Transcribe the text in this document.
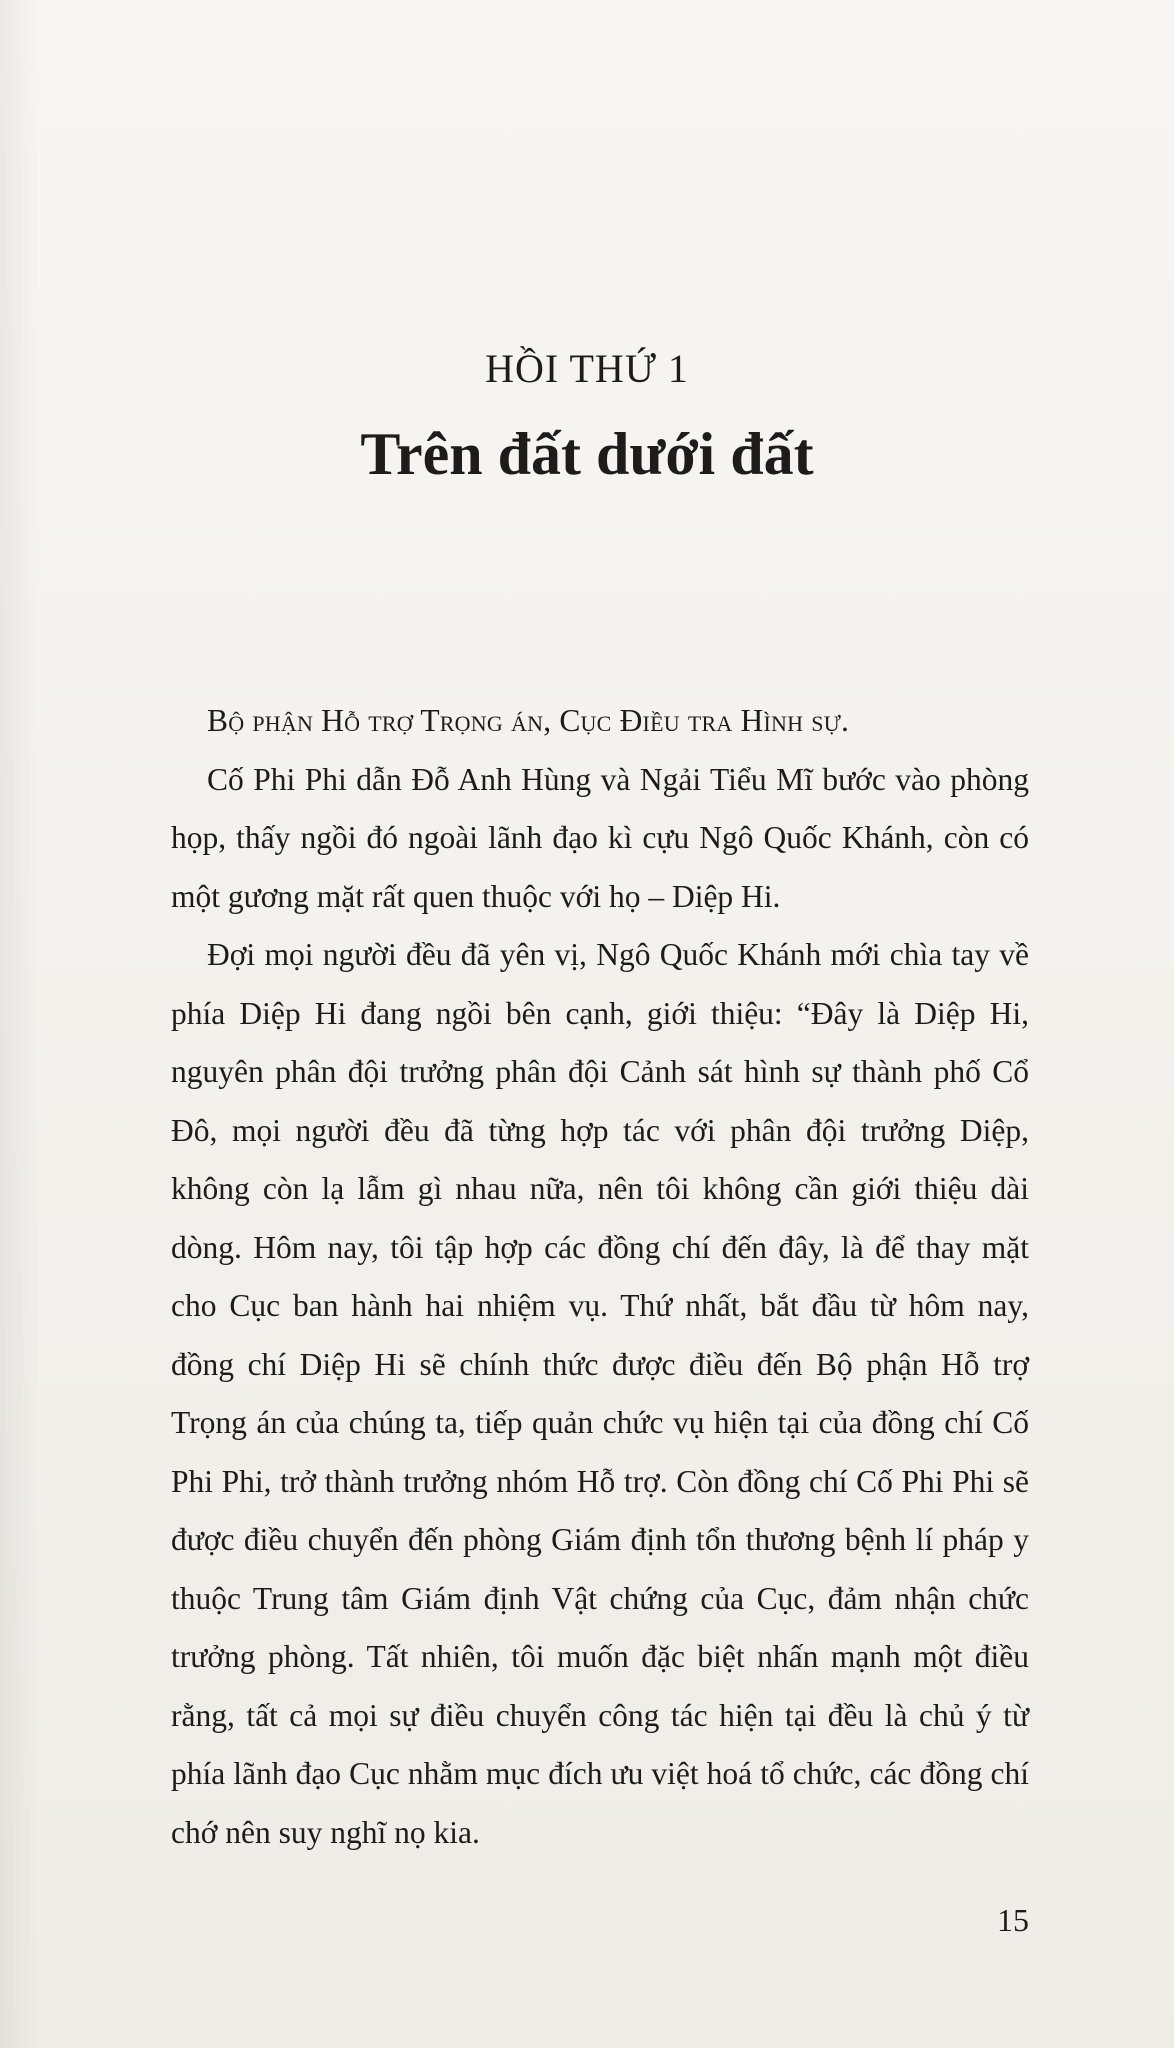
HỒI THỨ 1
Trên đất dưới đất

Bộ phận Hỗ trợ Trọng án, Cục Điều tra Hình sự.

Cố Phi Phi dẫn Đỗ Anh Hùng và Ngải Tiểu Mĩ bước vào phòng họp, thấy ngồi đó ngoài lãnh đạo kì cựu Ngô Quốc Khánh, còn có một gương mặt rất quen thuộc với họ – Diệp Hi.

Đợi mọi người đều đã yên vị, Ngô Quốc Khánh mới chìa tay về phía Diệp Hi đang ngồi bên cạnh, giới thiệu: “Đây là Diệp Hi, nguyên phân đội trưởng phân đội Cảnh sát hình sự thành phố Cổ Đô, mọi người đều đã từng hợp tác với phân đội trưởng Diệp, không còn lạ lẫm gì nhau nữa, nên tôi không cần giới thiệu dài dòng. Hôm nay, tôi tập hợp các đồng chí đến đây, là để thay mặt cho Cục ban hành hai nhiệm vụ. Thứ nhất, bắt đầu từ hôm nay, đồng chí Diệp Hi sẽ chính thức được điều đến Bộ phận Hỗ trợ Trọng án của chúng ta, tiếp quản chức vụ hiện tại của đồng chí Cố Phi Phi, trở thành trưởng nhóm Hỗ trợ. Còn đồng chí Cố Phi Phi sẽ được điều chuyển đến phòng Giám định tổn thương bệnh lí pháp y thuộc Trung tâm Giám định Vật chứng của Cục, đảm nhận chức trưởng phòng. Tất nhiên, tôi muốn đặc biệt nhấn mạnh một điều rằng, tất cả mọi sự điều chuyển công tác hiện tại đều là chủ ý từ phía lãnh đạo Cục nhằm mục đích ưu việt hoá tổ chức, các đồng chí chớ nên suy nghĩ nọ kia.

15
